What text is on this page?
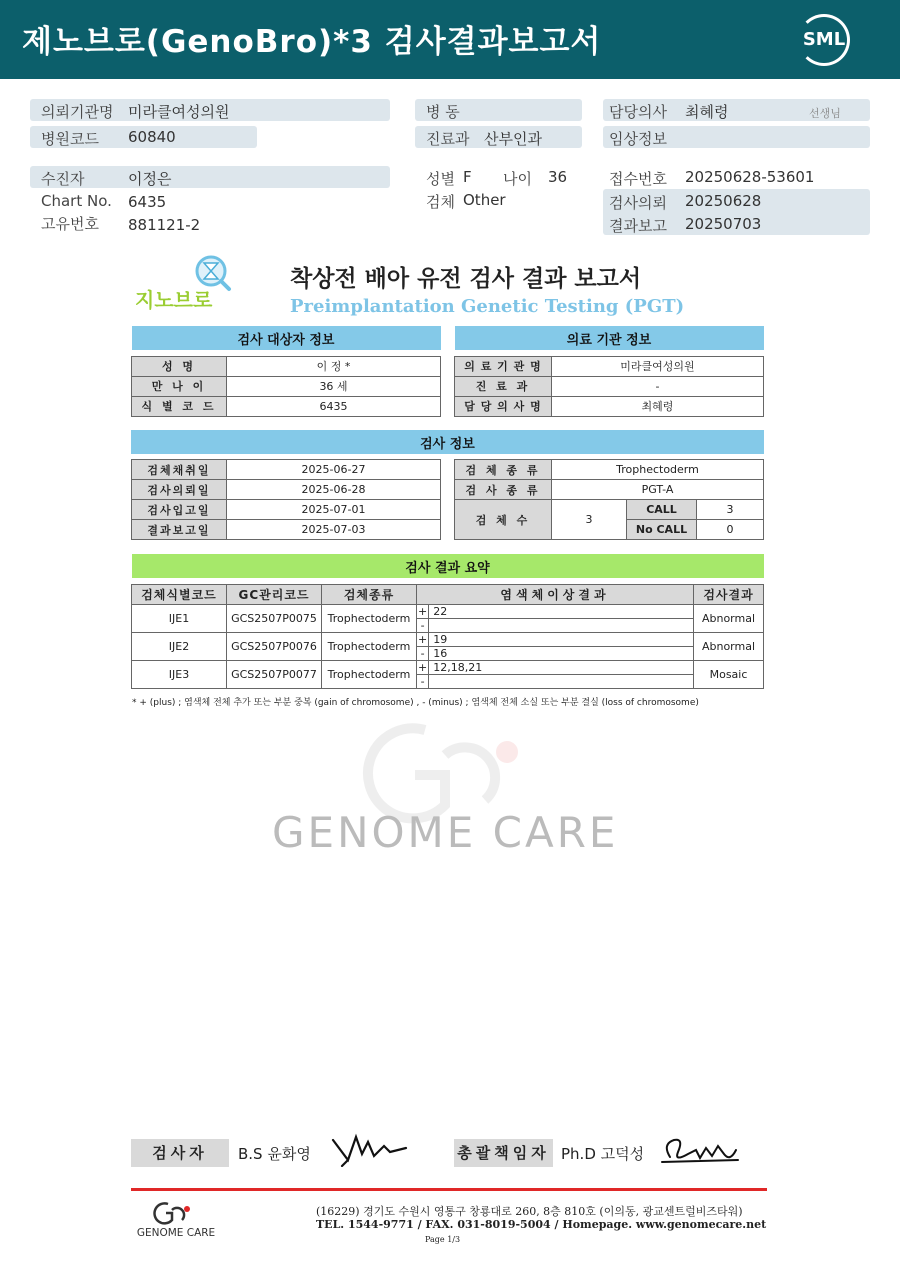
제노브로(GenoBro)*3 검사결과보고서	SML
의뢰기관명 미라클여성의원
병원코드 60840
수진자	이정은
Chart No. 6435
고유번호 881121-2
병 동
진료과 산부인과
성별 F 나이 36
검체 Other
담당의사 최혜령	선생님
임상정보
접수번호 20250628-53601
검사의뢰 20250628
결과보고 20250703
지노브로
착상전 배아 유전 검사 결과 보고서
Preimplantation Genetic Testing (PGT)
검사 대상자 정보	

성 명	이 정 *
만 나 이	36 세
식 별 코 드	6435
의료 기관 정보	

의 료 기 관 명	미라클여성의원
진 료 과	-
담 당 의 사 명	최혜령
검사 정보
검체채취일	2025-06-27
검사의뢰일	2025-06-28
검사입고일	2025-07-01
결과보고일	2025-07-03
검 체 종 류	Trophectoderm		
검 사 종 류	PGT-A		
검 체 수	3	CALL	3
		No CALL	0
검사 결과 요약					

검체식별코드	GC관리코드	검체종류	염색체이상결과		검사결과
IJE1	GCS2507P0075	Trophectoderm	+	22	Abnormal
			-		
IJE2	GCS2507P0076	Trophectoderm	+	19	Abnormal
			-	16	
IJE3	GCS2507P0077	Trophectoderm	+	12,18,21	Mosaic
			-		
* + (plus) ; 염색체 전체 추가 또는 부분 중복 (gain of chromosome) , - (minus) ; 염색체 전체 소실 또는 부분 결실 (loss of chromosome)
GENOME CARE
검사자	B.S 윤화영	총괄책임자 Ph.D 고덕성
GENOME CARE
(16229) 경기도 수원시 영통구 창룡대로 260, 8층 810호 (이의동, 광교센트럴비즈타워)
TEL. 1544-9771 / FAX. 031-8019-5004 / Homepage. www.genomecare.net
Page 1/3
